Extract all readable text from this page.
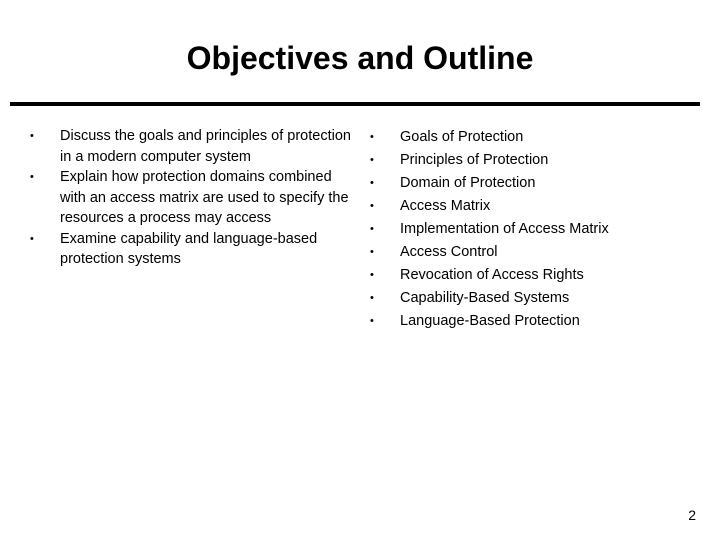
Objectives and Outline
•	Discuss the goals and principles of protection in a modern computer system
•	Explain how protection domains combined with an access matrix are used to specify the resources a process may access
•	Examine capability and language-based protection systems
•	Goals of Protection
•	Principles of Protection
•	Domain of Protection
•	Access Matrix
•	Implementation of Access Matrix
•	Access Control
•	Revocation of Access Rights
•	Capability-Based Systems
•	Language-Based Protection
2
